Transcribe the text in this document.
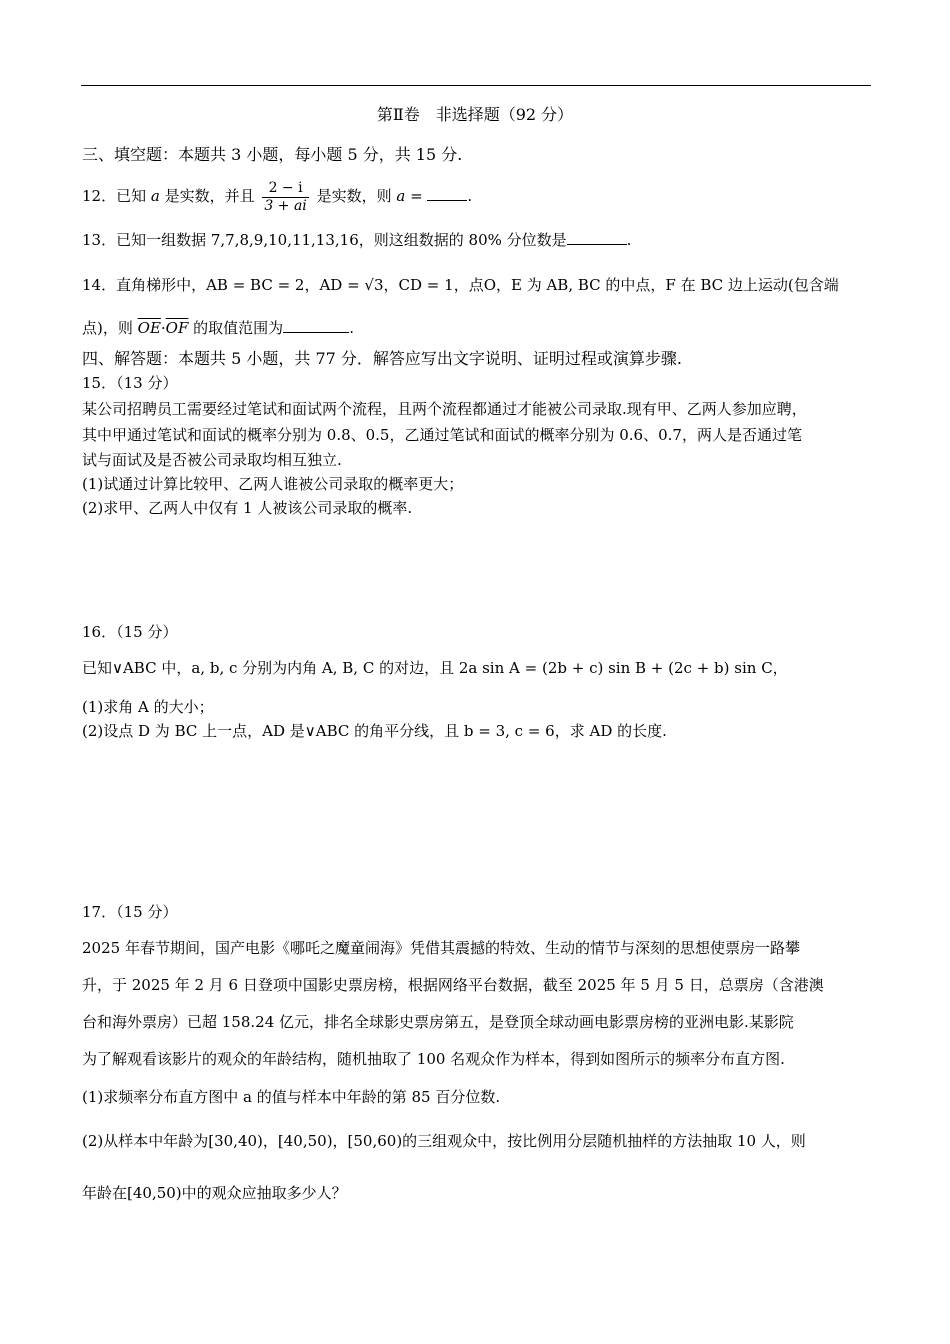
第Ⅱ卷　非选择题（92 分）
三、填空题：本题共 3 小题，每小题 5 分，共 15 分.
12．已知 a 是实数，并且 $\frac{2 - i}{3 + ai}$ 是实数，则 a =	.
13．已知一组数据 7,7,8,9,10,11,13,16，则这组数据的 80% 分位数是	.
14．直角梯形中，AB = BC = 2，AD = √3，CD = 1，点O，E 为 AB, BC 的中点，F 在 BC 边上运动(包含端
点)，则 $\overline{OE}\cdot\overline{OF}$ 的取值范围为	.
四、解答题：本题共 5 小题，共 77 分．解答应写出文字说明、证明过程或演算步骤.
15．（13 分）
某公司招聘员工需要经过笔试和面试两个流程，且两个流程都通过才能被公司录取.现有甲、乙两人参加应聘，
其中甲通过笔试和面试的概率分别为 0.8、0.5，乙通过笔试和面试的概率分别为 0.6、0.7，两人是否通过笔
试与面试及是否被公司录取均相互独立.
(1)试通过计算比较甲、乙两人谁被公司录取的概率更大；
(2)求甲、乙两人中仅有 1 人被该公司录取的概率.
16．（15 分）
已知∨ABC 中，a, b, c 分别为内角 A, B, C 的对边，且 2a sin A = (2b + c) sin B + (2c + b) sin C，
(1)求角 A 的大小；
(2)设点 D 为 BC 上一点，AD 是∨ABC 的角平分线，且 b = 3, c = 6，求 AD 的长度.
17．（15 分）
2025 年春节期间，国产电影《哪吒之魔童闹海》凭借其震撼的特效、生动的情节与深刻的思想使票房一路攀
升，于 2025 年 2 月 6 日登项中国影史票房榜，根据网络平台数据，截至 2025 年 5 月 5 日，总票房（含港澳
台和海外票房）已超 158.24 亿元，排名全球影史票房第五，是登顶全球动画电影票房榜的亚洲电影.某影院
为了解观看该影片的观众的年龄结构，随机抽取了 100 名观众作为样本，得到如图所示的频率分布直方图.
(1)求频率分布直方图中 a 的值与样本中年龄的第 85 百分位数.
(2)从样本中年龄为[30,40)，[40,50)，[50,60)的三组观众中，按比例用分层随机抽样的方法抽取 10 人，则
年龄在[40,50)中的观众应抽取多少人？
